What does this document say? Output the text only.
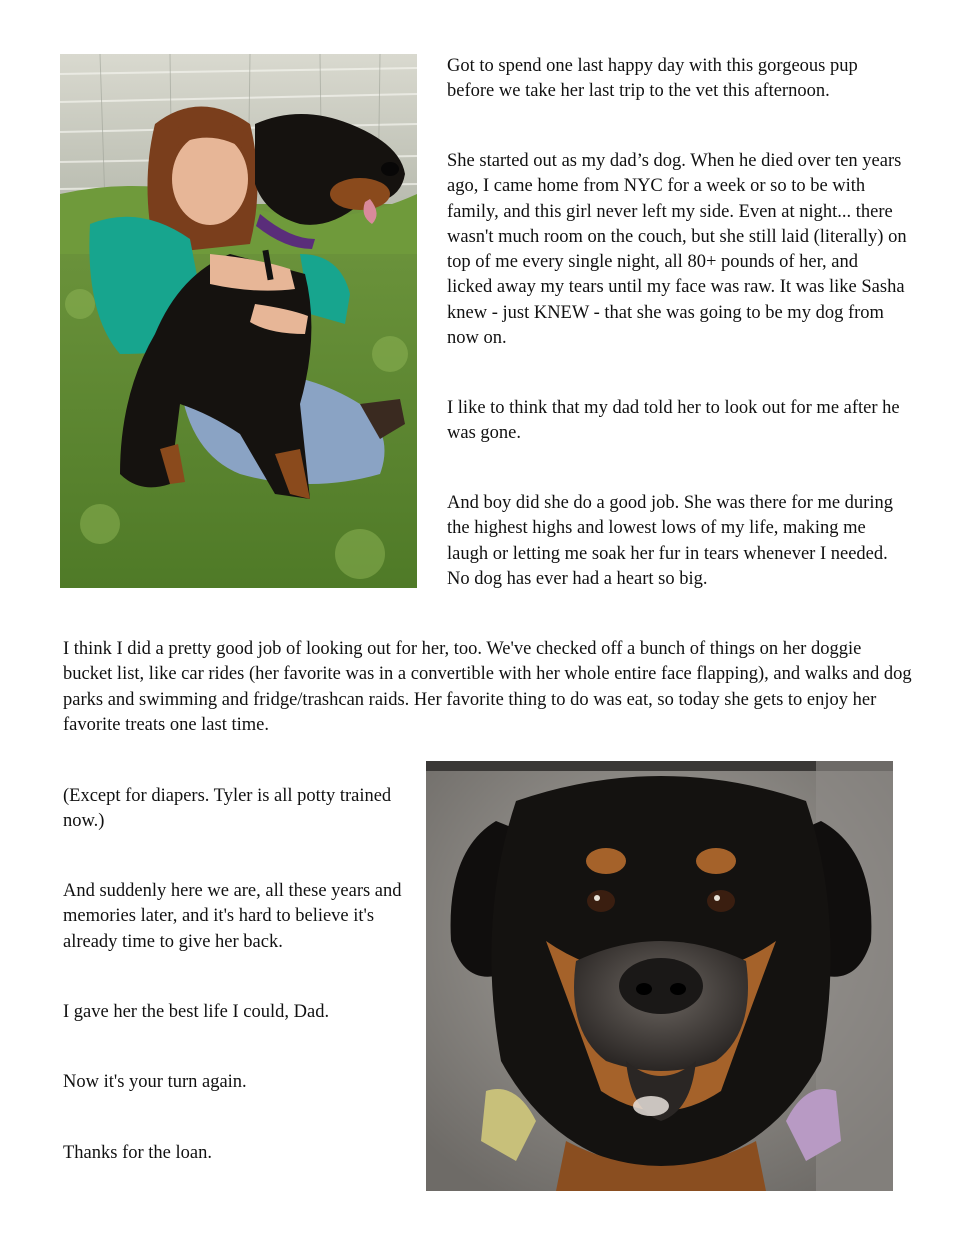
Got to spend one last happy day with this gorgeous pup before we take her last trip to the vet this afternoon.

She started out as my dad’s dog. When he died over ten years ago, I came home from NYC for a week or so to be with family, and this girl never left my side. Even at night... there wasn't much room on the couch, but she still laid (literally) on top of me every single night, all 80+ pounds of her, and licked away my tears until my face was raw. It was like Sasha knew - just KNEW - that she was going to be my dog from now on.

I like to think that my dad told her to look out for me after he was gone.

And boy did she do a good job. She was there for me during the highest highs and lowest lows of my life, making me laugh or letting me soak her fur in tears whenever I needed. No dog has ever had a heart so big.

I think I did a pretty good job of looking out for her, too. We've checked off a bunch of things on her doggie bucket list, like car rides (her favorite was in a convertible with her whole entire face flapping), and walks and dog parks and swimming and fridge/trashcan raids. Her favorite thing to do was eat, so today she gets to enjoy her favorite treats one last time.

(Except for diapers. Tyler is all potty trained now.)

And suddenly here we are, all these years and memories later, and it's hard to believe it's already time to give her back.

I gave her the best life I could, Dad.

Now it's your turn again.

Thanks for the loan.
